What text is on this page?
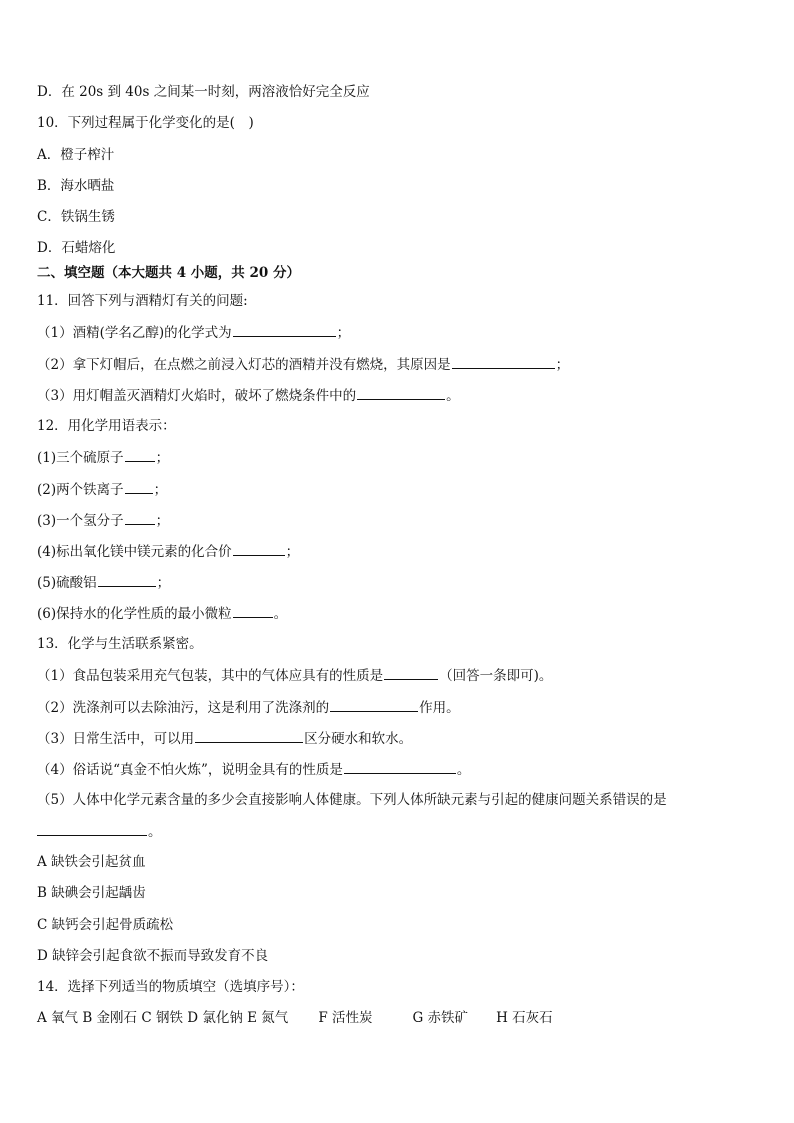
D．在 20s 到 40s 之间某一时刻，两溶液恰好完全反应
10．下列过程属于化学变化的是(　)
A．橙子榨汁
B．海水晒盐
C．铁锅生锈
D．石蜡熔化
二、填空题（本大题共 4 小题，共 20 分）
11．回答下列与酒精灯有关的问题:
（1）酒精(学名乙醇)的化学式为	；
（2）拿下灯帽后，在点燃之前浸入灯芯的酒精并没有燃烧，其原因是	；
（3）用灯帽盖灭酒精灯火焰时，破坏了燃烧条件中的	。
12．用化学用语表示：
(1)三个硫原子 ；
(2)两个铁离子 ；
(3)一个氢分子 ；
(4)标出氧化镁中镁元素的化合价	；
(5)硫酸铝	；
(6)保持水的化学性质的最小微粒	。
13．化学与生活联系紧密。
（1）食品包装采用充气包装，其中的气体应具有的性质是	（回答一条即可)。
（2）洗涤剂可以去除油污，这是利用了洗涤剂的	作用。
（3）日常生活中，可以用	区分硬水和软水。
（4）俗话说“真金不怕火炼”，说明金具有的性质是	。
（5）人体中化学元素含量的多少会直接影响人体健康。下列人体所缺元素与引起的健康问题关系错误的是
。
A 缺铁会引起贫血
B 缺碘会引起龋齿
C 缺钙会引起骨质疏松
D 缺锌会引起食欲不振而导致发育不良
14．选择下列适当的物质填空（选填序号）：
A 氧气 B 金刚石 C 钢铁 D 氯化钠 E 氮气 F 活性炭	G 赤铁矿 H 石灰石
